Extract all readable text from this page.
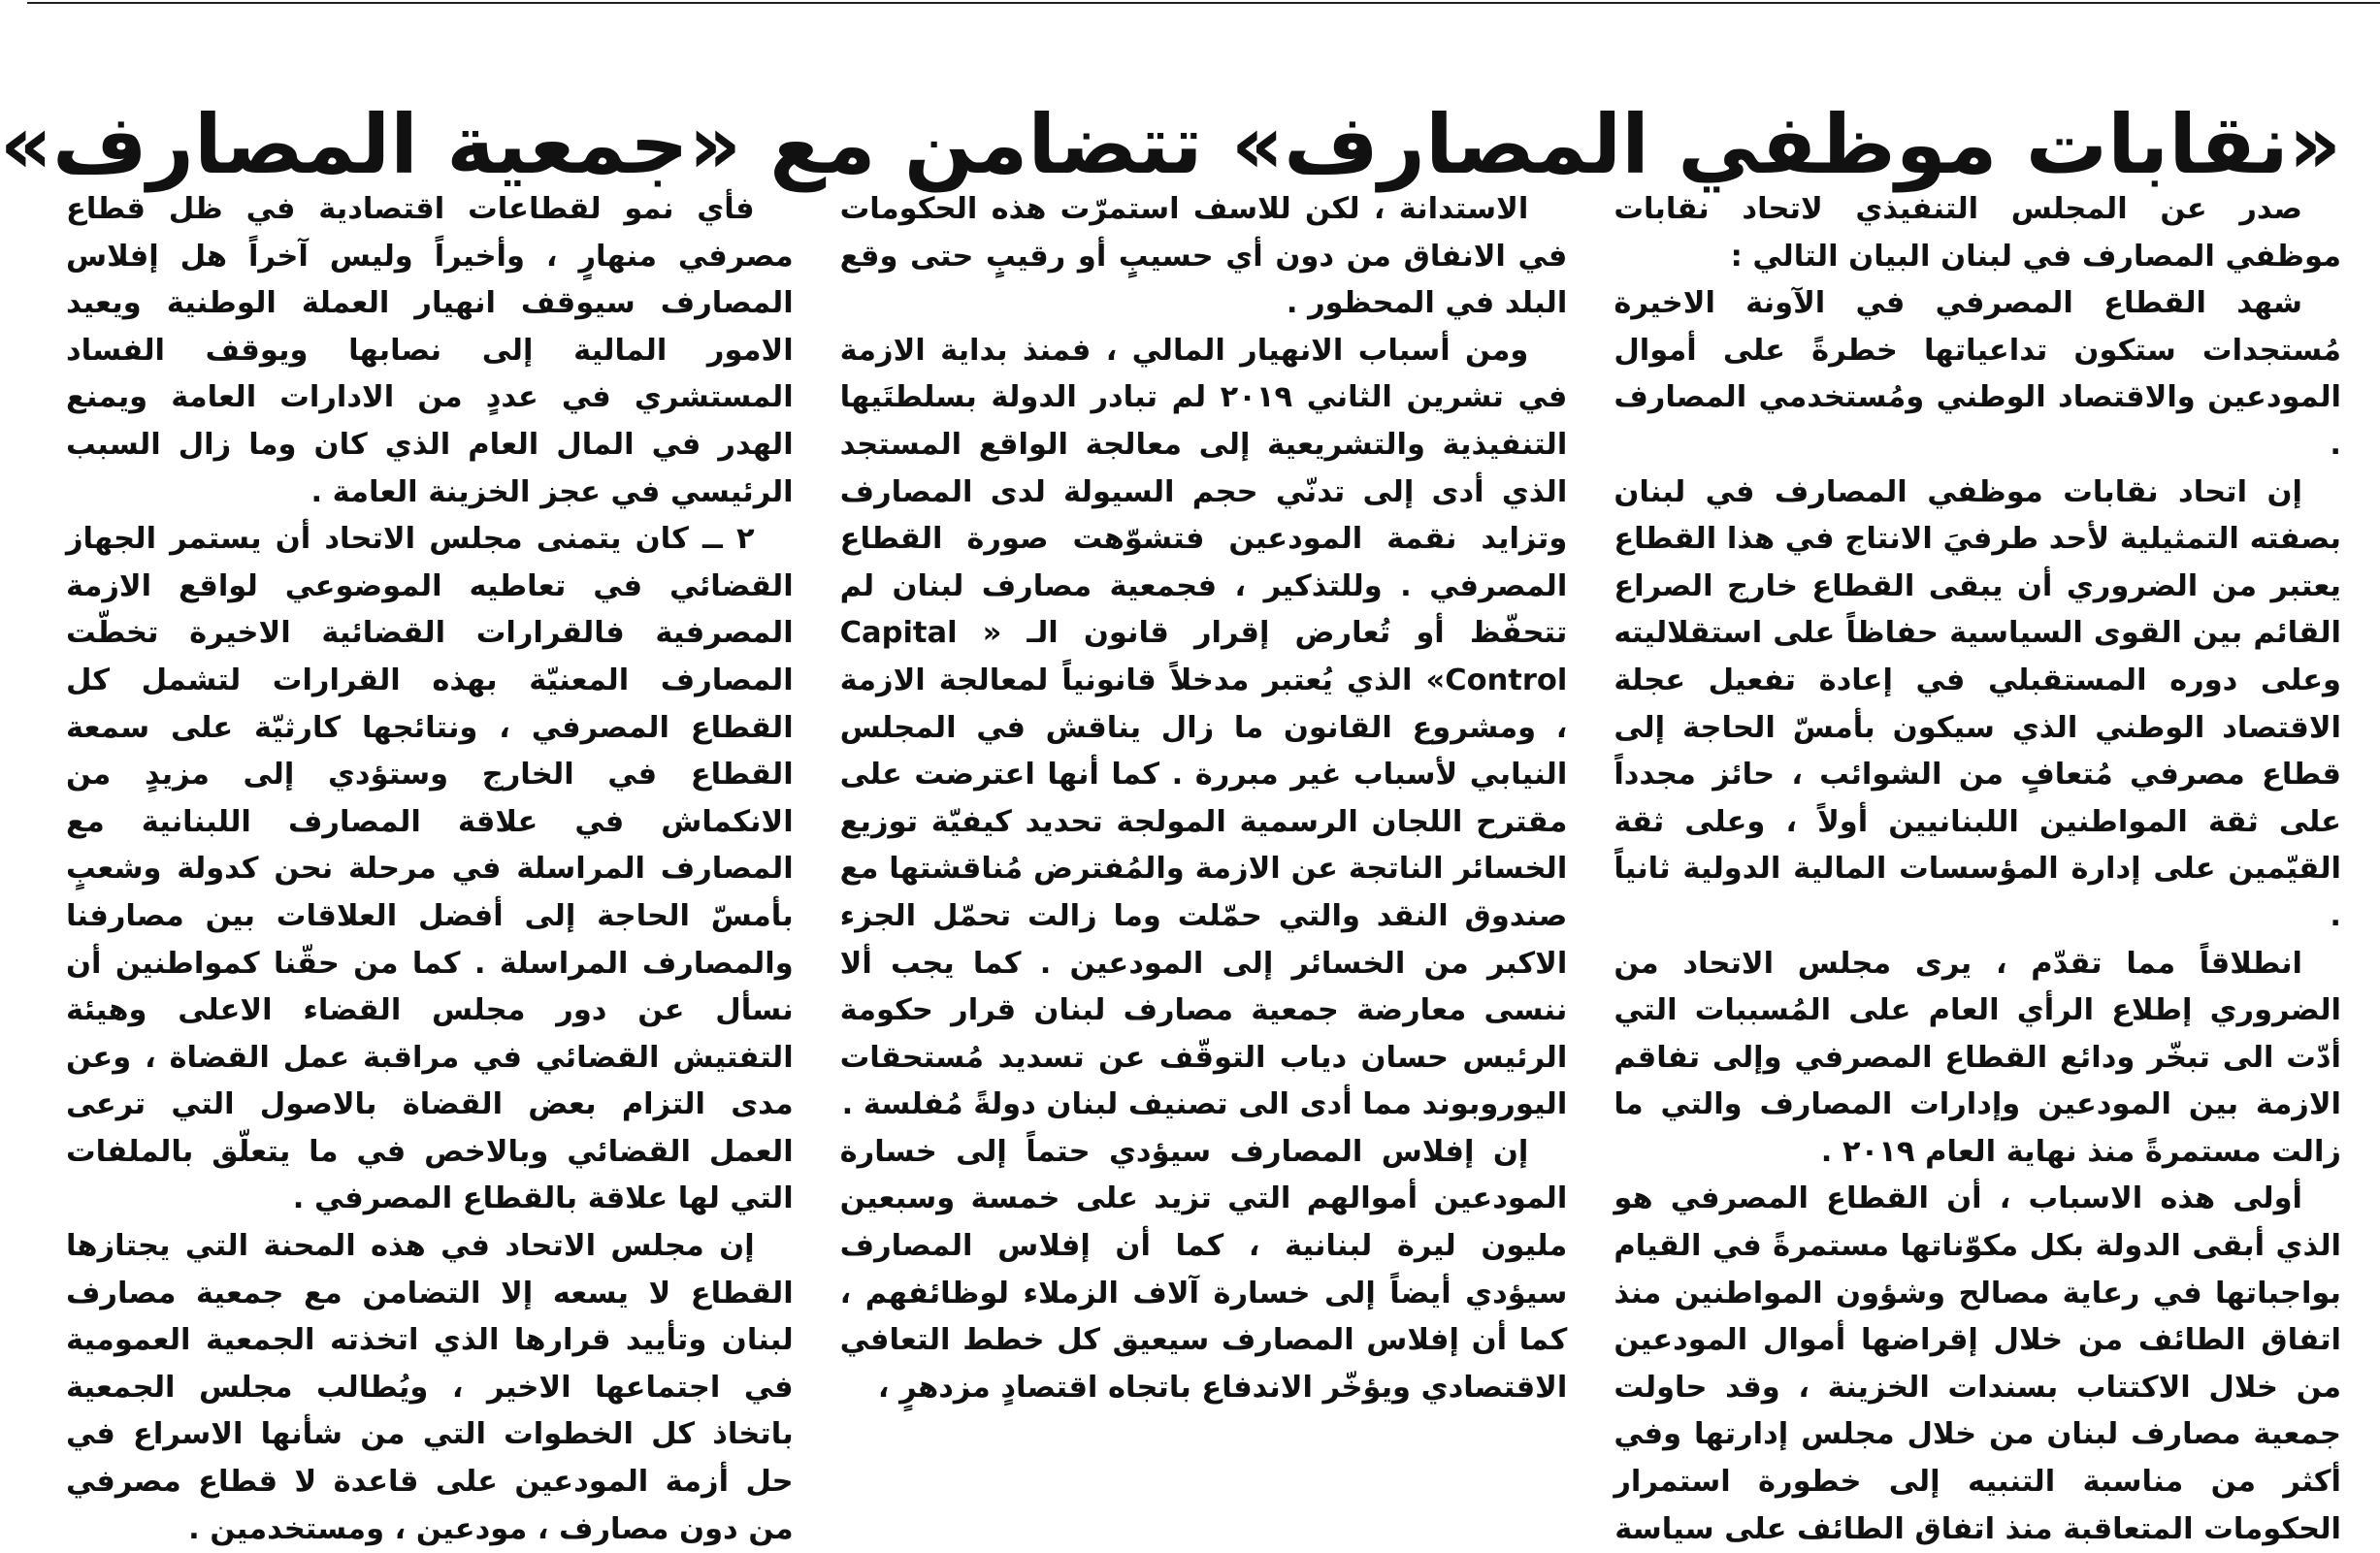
«نقابات موظفي المصارف» تتضامن مع «جمعية المصارف»

صدر عن المجلس التنفيذي لاتحاد نقابات موظفي المصارف في لبنان البيان التالي :

شهد القطاع المصرفي في الآونة الاخيرة مُستجدات ستكون تداعياتها خطرةً على أموال المودعين والاقتصاد الوطني ومُستخدمي المصارف .

إن اتحاد نقابات موظفي المصارف في لبنان بصفته التمثيلية لأحد طرفيَ الانتاج في هذا القطاع يعتبر من الضروري أن يبقى القطاع خارج الصراع القائم بين القوى السياسية حفاظاً على استقلاليته وعلى دوره المستقبلي في إعادة تفعيل عجلة الاقتصاد الوطني الذي سيكون بأمسّ الحاجة إلى قطاع مصرفي مُتعافٍ من الشوائب ، حائز مجدداً على ثقة المواطنين اللبنانيين أولاً ، وعلى ثقة القيّمين على إدارة المؤسسات المالية الدولية ثانياً .

انطلاقاً مما تقدّم ، يرى مجلس الاتحاد من الضروري إطلاع الرأي العام على المُسببات التي أدّت الى تبخّر ودائع القطاع المصرفي وإلى تفاقم الازمة بين المودعين وإدارات المصارف والتي ما زالت مستمرةً منذ نهاية العام ٢٠١٩ .

أولى هذه الاسباب ، أن القطاع المصرفي هو الذي أبقى الدولة بكل مكوّناتها مستمرةً في القيام بواجباتها في رعاية مصالح وشؤون المواطنين منذ اتفاق الطائف من خلال إقراضها أموال المودعين من خلال الاكتتاب بسندات الخزينة ، وقد حاولت جمعية مصارف لبنان من خلال مجلس إدارتها وفي أكثر من مناسبة التنبيه إلى خطورة استمرار الحكومات المتعاقبة منذ اتفاق الطائف على سياسة

الاستدانة ، لكن للاسف استمرّت هذه الحكومات في الانفاق من دون أي حسيبٍ أو رقيبٍ حتى وقع البلد في المحظور .

ومن أسباب الانهيار المالي ، فمنذ بداية الازمة في تشرين الثاني ٢٠١٩ لم تبادر الدولة بسلطتَيها التنفيذية والتشريعية إلى معالجة الواقع المستجد الذي أدى إلى تدنّي حجم السيولة لدى المصارف وتزايد نقمة المودعين فتشوّهت صورة القطاع المصرفي . وللتذكير ، فجمعية مصارف لبنان لم تتحفّظ أو تُعارض إقرار قانون الـ « Capital Control» الذي يُعتبر مدخلاً قانونياً لمعالجة الازمة ، ومشروع القانون ما زال يناقش في المجلس النيابي لأسباب غير مبررة . كما أنها اعترضت على مقترح اللجان الرسمية المولجة تحديد كيفيّة توزيع الخسائر الناتجة عن الازمة والمُفترض مُناقشتها مع صندوق النقد والتي حمّلت وما زالت تحمّل الجزء الاكبر من الخسائر إلى المودعين . كما يجب ألا ننسى معارضة جمعية مصارف لبنان قرار حكومة الرئيس حسان دياب التوقّف عن تسديد مُستحقات اليوروبوند مما أدى الى تصنيف لبنان دولةً مُفلسة .

إن إفلاس المصارف سيؤدي حتماً إلى خسارة المودعين أموالهم التي تزيد على خمسة وسبعين مليون ليرة لبنانية ، كما أن إفلاس المصارف سيؤدي أيضاً إلى خسارة آلاف الزملاء لوظائفهم ، كما أن إفلاس المصارف سيعيق كل خطط التعافي الاقتصادي ويؤخّر الاندفاع باتجاه اقتصادٍ مزدهرٍ ،

فأي نمو لقطاعات اقتصادية في ظل قطاع مصرفي منهارٍ ، وأخيراً وليس آخراً هل إفلاس المصارف سيوقف انهيار العملة الوطنية ويعيد الامور المالية إلى نصابها ويوقف الفساد المستشري في عددٍ من الادارات العامة ويمنع الهدر في المال العام الذي كان وما زال السبب الرئيسي في عجز الخزينة العامة .

٢ ــ كان يتمنى مجلس الاتحاد أن يستمر الجهاز القضائي في تعاطيه الموضوعي لواقع الازمة المصرفية فالقرارات القضائية الاخيرة تخطّت المصارف المعنيّة بهذه القرارات لتشمل كل القطاع المصرفي ، ونتائجها كارثيّة على سمعة القطاع في الخارج وستؤدي إلى مزيدٍ من الانكماش في علاقة المصارف اللبنانية مع المصارف المراسلة في مرحلة نحن كدولة وشعبٍ بأمسّ الحاجة إلى أفضل العلاقات بين مصارفنا والمصارف المراسلة . كما من حقّنا كمواطنين أن نسأل عن دور مجلس القضاء الاعلى وهيئة التفتيش القضائي في مراقبة عمل القضاة ، وعن مدى التزام بعض القضاة بالاصول التي ترعى العمل القضائي وبالاخص في ما يتعلّق بالملفات التي لها علاقة بالقطاع المصرفي .

إن مجلس الاتحاد في هذه المحنة التي يجتازها القطاع لا يسعه إلا التضامن مع جمعية مصارف لبنان وتأييد قرارها الذي اتخذته الجمعية العمومية في اجتماعها الاخير ، ويُطالب مجلس الجمعية باتخاذ كل الخطوات التي من شأنها الاسراع في حل أزمة المودعين على قاعدة لا قطاع مصرفي من دون مصارف ، مودعين ، ومستخدمين .
